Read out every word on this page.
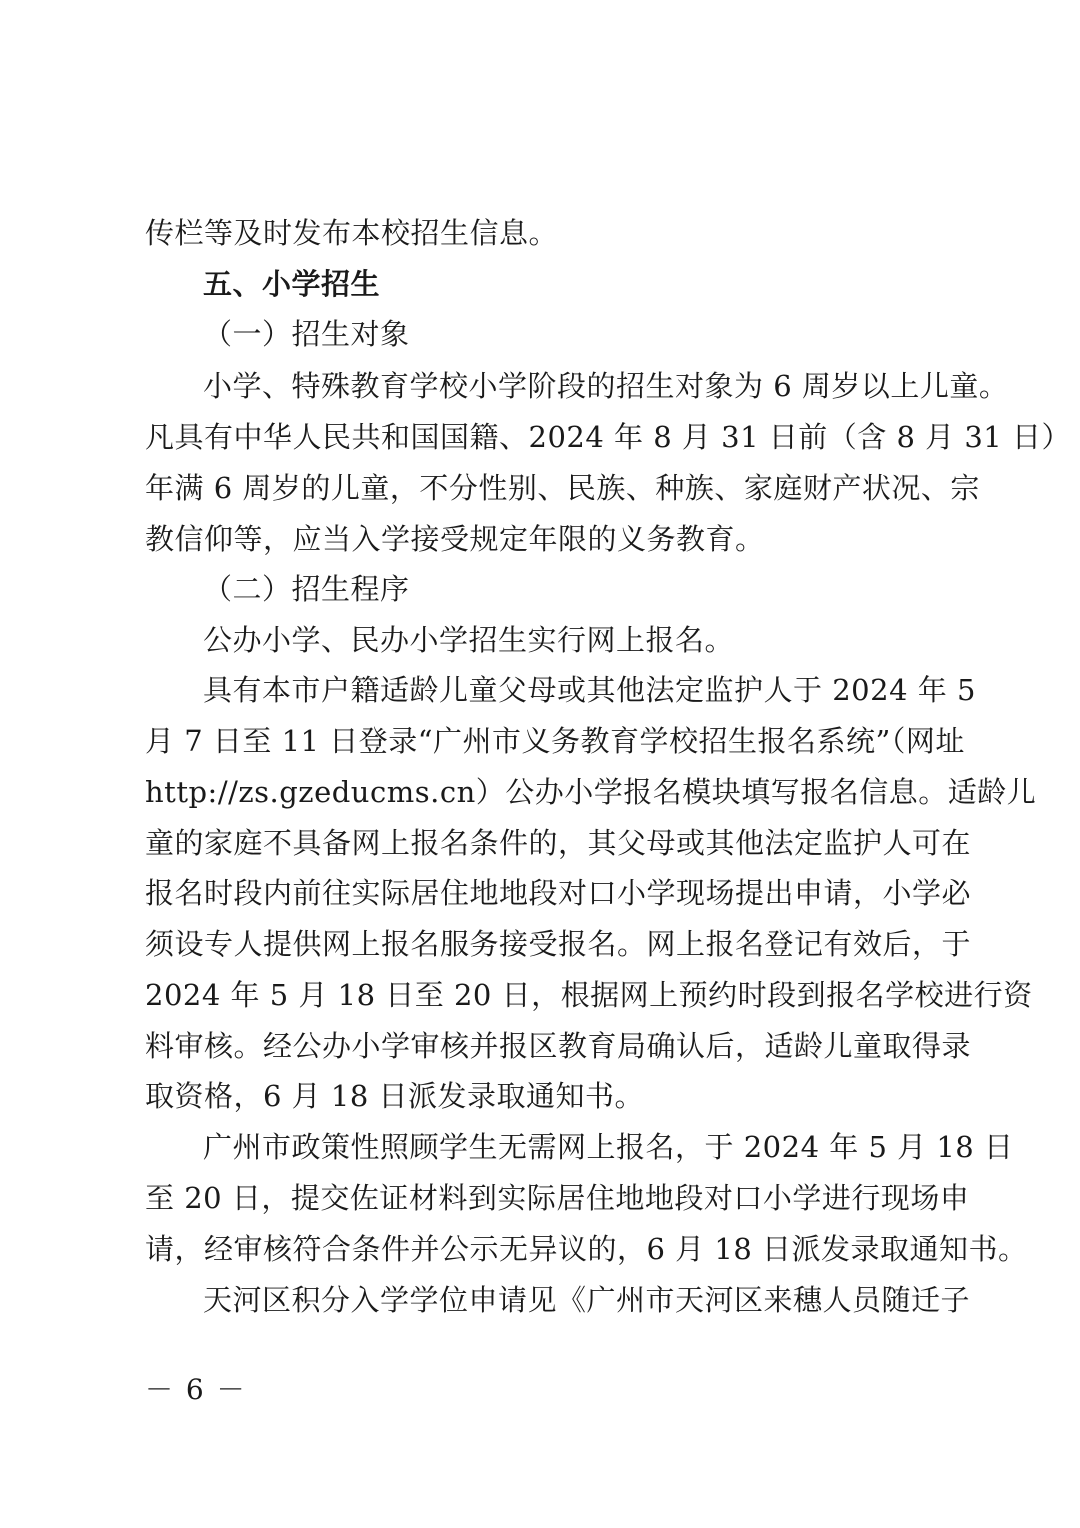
传栏等及时发布本校招生信息。
五、小学招生
（一）招生对象
小学、特殊教育学校小学阶段的招生对象为 6 周岁以上儿童。
凡具有中华人民共和国国籍、2024 年 8 月 31 日前（含 8 月 31 日）
年满 6 周岁的儿童，不分性别、民族、种族、家庭财产状况、宗
教信仰等，应当入学接受规定年限的义务教育。
（二）招生程序
公办小学、民办小学招生实行网上报名。
具有本市户籍适龄儿童父母或其他法定监护人于 2024 年 5
月 7 日至 11 日登录“广州市义务教育学校招生报名系统”（网址
http://zs.gzeducms.cn）公办小学报名模块填写报名信息。适龄儿
童的家庭不具备网上报名条件的，其父母或其他法定监护人可在
报名时段内前往实际居住地地段对口小学现场提出申请，小学必
须设专人提供网上报名服务接受报名。网上报名登记有效后，于
2024 年 5 月 18 日至 20 日，根据网上预约时段到报名学校进行资
料审核。经公办小学审核并报区教育局确认后，适龄儿童取得录
取资格，6 月 18 日派发录取通知书。
广州市政策性照顾学生无需网上报名，于 2024 年 5 月 18 日
至 20 日，提交佐证材料到实际居住地地段对口小学进行现场申
请，经审核符合条件并公示无异议的，6 月 18 日派发录取通知书。
天河区积分入学学位申请见《广州市天河区来穗人员随迁子
－ 6 －
